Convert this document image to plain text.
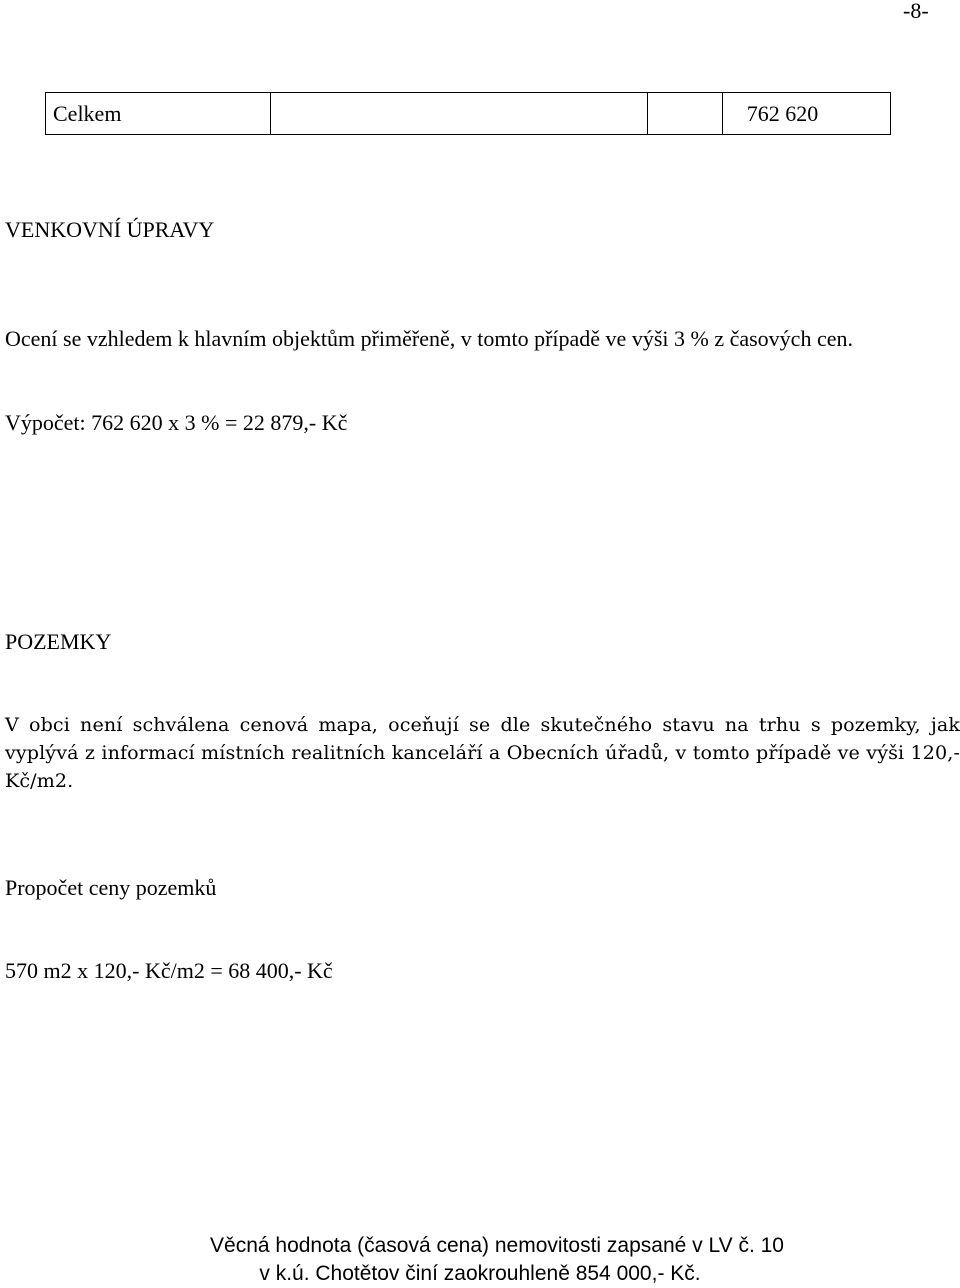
-8-
Celkem			762 620
VENKOVNÍ ÚPRAVY
Ocení se vzhledem k hlavním objektům přiměřeně, v tomto případě ve výši 3 % z časových cen.
Výpočet: 762 620 x 3 % = 22 879,- Kč
POZEMKY
V obci není schválena cenová mapa, oceňují se dle skutečného stavu na trhu s pozemky, jak
vyplývá z informací místních realitních kanceláří a Obecních úřadů, v tomto případě ve výši 120,-
Kč/m2.
Propočet ceny pozemků
570 m2 x 120,- Kč/m2 = 68 400,- Kč
Věcná hodnota (časová cena) nemovitosti zapsané v LV č. 10
v k.ú. Chotětov činí zaokrouhleně 854 000,- Kč.
